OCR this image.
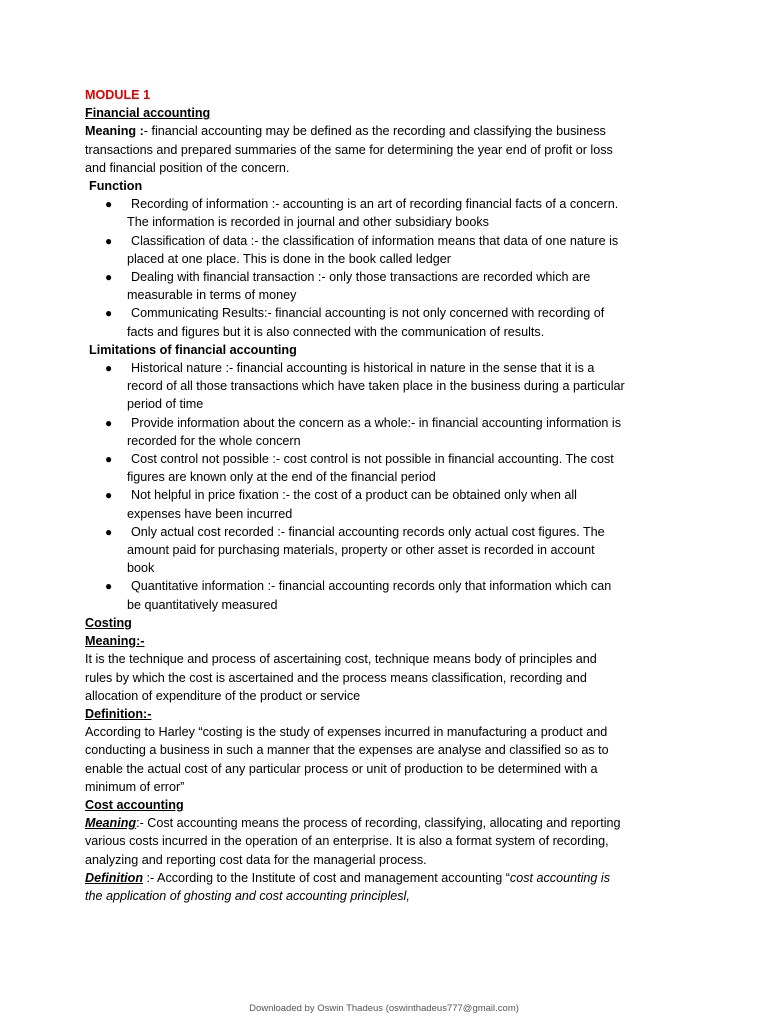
MODULE 1
Financial accounting
Meaning :- financial accounting may be defined as the recording and classifying the business transactions and prepared summaries of the same for determining the year end of profit or loss and financial position of the concern.
Function
●	Recording of information :- accounting is an art of recording financial facts of a concern. The information is recorded in journal and other subsidiary books
●	Classification of data :- the classification of information means that data of one nature is placed at one place. This is done in the book called ledger
●	Dealing with financial transaction :- only those transactions are recorded which are measurable in terms of money
●	Communicating Results:- financial accounting is not only concerned with recording of facts and figures but it is also connected with the communication of results.
Limitations of financial accounting
●	Historical nature :- financial accounting is historical in nature in the sense that it is a record of all those transactions which have taken place in the business during a particular period of time
●	Provide information about the concern as a whole:- in financial accounting information is recorded for the whole concern
●	Cost control not possible :- cost control is not possible in financial accounting. The cost figures are known only at the end of the financial period
●	Not helpful in price fixation :- the cost of a product can be obtained only when all expenses have been incurred
●	Only actual cost recorded :- financial accounting records only actual cost figures. The amount paid for purchasing materials, property or other asset is recorded in account book
●	Quantitative information :- financial accounting records only that information which can be quantitatively measured
Costing
Meaning:-
It is the technique and process of ascertaining cost, technique means body of principles and rules by which the cost is ascertained and the process means classification, recording and allocation of expenditure of the product or service
Definition:-
According to Harley “costing is the study of expenses incurred in manufacturing a product and conducting a business in such a manner that the expenses are analyse and classified so as to enable the actual cost of any particular process or unit of production to be determined with a minimum of error”
Cost accounting
Meaning:- Cost accounting means the process of recording, classifying, allocating and reporting various costs incurred in the operation of an enterprise. It is also a format system of recording, analyzing and reporting cost data for the managerial process.
Definition :- According to the Institute of cost and management accounting “cost accounting is the application of ghosting and cost accounting principlesl,
Downloaded by Oswin Thadeus (oswinthadeus777@gmail.com)
